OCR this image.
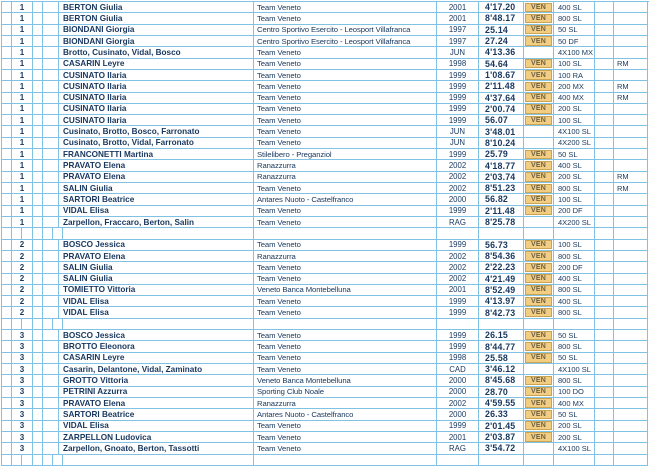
1	BERTON Giulia	Team Veneto	2001	4'17.20	VEN	400 SL
1	BERTON Giulia	Team Veneto	2001	8'48.17	VEN	800 SL
1	BIONDANI Giorgia	Centro Sportivo Esercito - Leosport Villafranca	1997	25.14	VEN	50 SL
1	BIONDANI Giorgia	Centro Sportivo Esercito - Leosport Villafranca	1997	27.24	VEN	50 DF
1	Brotto, Cusinato, Vidal, Bosco	Team Veneto	JUN	4'13.36	4X100 MX
1	CASARIN Leyre	Team Veneto	1998	54.64	VEN	100 SL	RM
1	CUSINATO Ilaria	Team Veneto	1999	1'08.67	VEN	100 RA
1	CUSINATO Ilaria	Team Veneto	1999	2'11.48	VEN	200 MX	RM
1	CUSINATO Ilaria	Team Veneto	1999	4'37.64	VEN	400 MX	RM
1	CUSINATO Ilaria	Team Veneto	1999	2'00.74	VEN	200 SL
1	CUSINATO Ilaria	Team Veneto	1999	56.07	VEN	100 SL
1	Cusinato, Brotto, Bosco, Farronato	Team Veneto	JUN	3'48.01	4X100 SL
1	Cusinato, Brotto, Vidal, Farronato	Team Veneto	JUN	8'10.24	4X200 SL
1	FRANCONETTI Martina	Stilelibero - Preganziol	1999	25.79	VEN	50 SL
1	PRAVATO Elena	Ranazzurra	2002	4'18.77	VEN	400 SL
1	PRAVATO Elena	Ranazzurra	2002	2'03.74	VEN	200 SL	RM
1	SALIN Giulia	Team Veneto	2002	8'51.23	VEN	800 SL	RM
1	SARTORI Beatrice	Antares Nuoto - Castelfranco	2000	56.82	VEN	100 SL
1	VIDAL Elisa	Team Veneto	1999	2'11.48	VEN	200 DF
1	Zarpellon, Fraccaro, Berton, Salin	Team Veneto	RAG	8'25.78	4X200 SL
2	BOSCO Jessica	Team Veneto	1999	56.73	VEN	100 SL
2	PRAVATO Elena	Ranazzurra	2002	8'54.36	VEN	800 SL
2	SALIN Giulia	Team Veneto	2002	2'22.23	VEN	200 DF
2	SALIN Giulia	Team Veneto	2002	4'21.49	VEN	400 SL
2	TOMIETTO Vittoria	Veneto Banca Montebelluna	2001	8'52.49	VEN	800 SL
2	VIDAL Elisa	Team Veneto	1999	4'13.97	VEN	400 SL
2	VIDAL Elisa	Team Veneto	1999	8'42.73	VEN	800 SL
3	BOSCO Jessica	Team Veneto	1999	26.15	VEN	50 SL
3	BROTTO Eleonora	Team Veneto	1999	8'44.77	VEN	800 SL
3	CASARIN Leyre	Team Veneto	1998	25.58	VEN	50 SL
3	Casarin, Delantone, Vidal, Zaminato	Team Veneto	CAD	3'46.12	4X100 SL
3	GROTTO Vittoria	Veneto Banca Montebelluna	2000	8'45.68	VEN	800 SL
3	PETRINI Azzurra	Sporting Club Noale	2000	28.70	VEN	100 DO
3	PRAVATO Elena	Ranazzurra	2002	4'59.55	VEN	400 MX
3	SARTORI Beatrice	Antares Nuoto - Castelfranco	2000	26.33	VEN	50 SL
3	VIDAL Elisa	Team Veneto	1999	2'01.45	VEN	200 SL
3	ZARPELLON Ludovica	Team Veneto	2001	2'03.87	VEN	200 SL
3	Zarpellon, Gnoato, Berton, Tassotti	Team Veneto	RAG	3'54.72	4X100 SL
